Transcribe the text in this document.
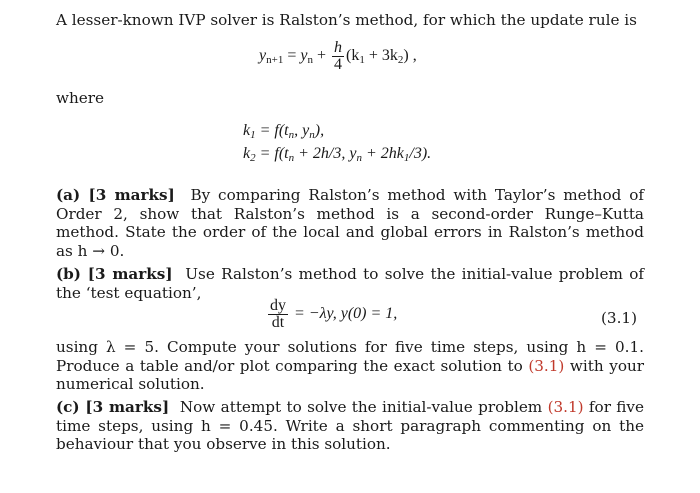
A lesser-known IVP solver is Ralston’s method, for which the update rule is
$y_{n+1} = y_n + \frac{h}{4} (k_1 + 3k_2)$ ,
where
$k_1 = f(t_n$, $y_n$),
$k_2 = f(t_n + 2h/3$, $y_n + 2hk_1/3$).
(a) [3 marks] By comparing Ralston’s method with Taylor’s method of Order 2, show that Ralston’s method is a second-order Runge–Kutta method. State the order of the local and global errors in Ralston’s method as h → 0.
(b) [3 marks] Use Ralston’s method to solve the initial-value problem of the ‘test equation’,
$\frac{dy}{dt} = -\lambda y$, y(0) = 1,	(3.1)
using λ = 5. Compute your solutions for five time steps, using h = 0.1. Produce a table and/or plot comparing the exact solution to (3.1) with your numerical solution.
(c) [3 marks] Now attempt to solve the initial-value problem (3.1) for five time steps, using h = 0.45. Write a short paragraph commenting on the behaviour that you observe in this solution.
